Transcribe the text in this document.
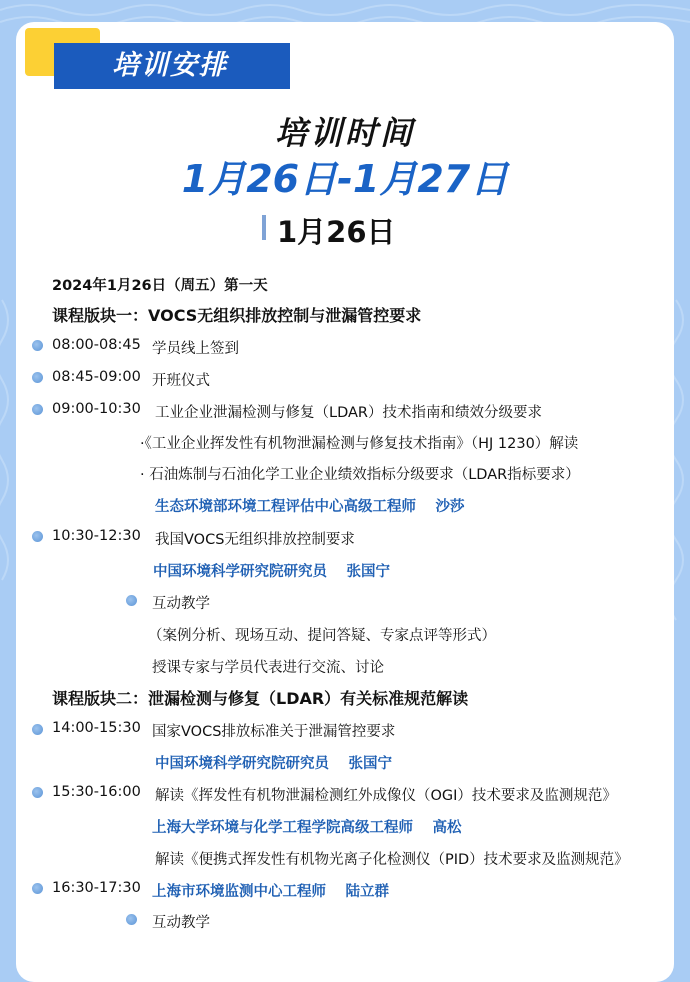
培训安排
培训时间
1月26日-1月27日
1月26日
2024年1月26日（周五）第一天
课程版块一：VOCS无组织排放控制与泄漏管控要求
08:00-08:45 学员线上签到
08:45-09:00 开班仪式
09:00-10:30 工业企业泄漏检测与修复（LDAR）技术指南和绩效分级要求
·《工业企业挥发性有机物泄漏检测与修复技术指南》（HJ 1230）解读
· 石油炼制与石油化学工业企业绩效指标分级要求（LDAR指标要求）
生态环境部环境工程评估中心高级工程师　 沙莎
10:30-12:30 我国VOCS无组织排放控制要求
中国环境科学研究院研究员　 张国宁
互动教学
（案例分析、现场互动、提问答疑、专家点评等形式）
授课专家与学员代表进行交流、讨论
课程版块二：泄漏检测与修复（LDAR）有关标准规范解读
14:00-15:30 国家VOCS排放标准关于泄漏管控要求
中国环境科学研究院研究员　 张国宁
15:30-16:00 解读《挥发性有机物泄漏检测红外成像仪（OGI）技术要求及监测规范》
上海大学环境与化学工程学院高级工程师　 高松
解读《便携式挥发性有机物光离子化检测仪（PID）技术要求及监测规范》
16:30-17:30 上海市环境监测中心工程师　 陆立群
互动教学
